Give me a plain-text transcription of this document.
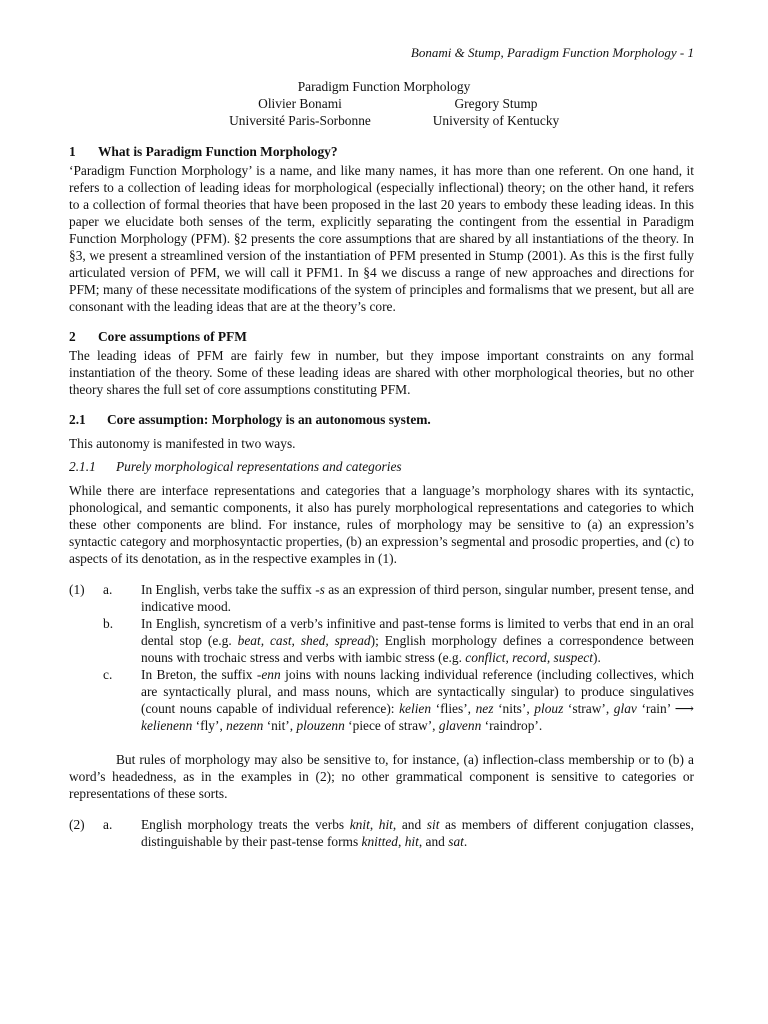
Bonami & Stump, Paradigm Function Morphology - 1
Paradigm Function Morphology
Olivier Bonami
Université Paris-Sorbonne
Gregory Stump
University of Kentucky
1 What is Paradigm Function Morphology?

‘Paradigm Function Morphology’ is a name, and like many names, it has more than one referent. On one hand, it refers to a collection of leading ideas for morphological (especially inflectional) theory; on the other hand, it refers to a collection of formal theories that have been proposed in the last 20 years to embody these leading ideas. In this paper we elucidate both senses of the term, explicitly separating the contingent from the essential in Paradigm Function Morphology (PFM). §2 presents the core assumptions that are shared by all instantiations of the theory. In §3, we present a streamlined version of the instantiation of PFM presented in Stump (2001). As this is the first fully articulated version of PFM, we will call it PFM1. In §4 we discuss a range of new approaches and directions for PFM; many of these necessitate modifications of the system of principles and formalisms that we present, but all are consonant with the leading ideas that are at the theory’s core.

2 Core assumptions of PFM

The leading ideas of PFM are fairly few in number, but they impose important constraints on any formal instantiation of the theory. Some of these leading ideas are shared with other morphological theories, but no other theory shares the full set of core assumptions constituting PFM.

2.1 Core assumption: Morphology is an autonomous system.

This autonomy is manifested in two ways.

2.1.1 Purely morphological representations and categories

While there are interface representations and categories that a language’s morphology shares with its syntactic, phonological, and semantic components, it also has purely morphological representations and categories to which these other components are blind. For instance, rules of morphology may be sensitive to (a) an expression’s syntactic category and morphosyntactic properties, (b) an expression’s segmental and prosodic properties, and (c) to aspects of its denotation, as in the respective examples in (1).

(1)	a.	In English, verbs take the suffix -s as an expression of third person, singular number, present tense, and indicative mood.
b.	In English, syncretism of a verb’s infinitive and past-tense forms is limited to verbs that end in an oral dental stop (e.g. beat, cast, shed, spread); English morphology defines a correspondence between nouns with trochaic stress and verbs with iambic stress (e.g. conflict, record, suspect).
c.	In Breton, the suffix -enn joins with nouns lacking individual reference (including collectives, which are syntactically plural, and mass nouns, which are syntactically singular) to produce singulatives (count nouns capable of individual reference): kelien ‘flies’, nez ‘nits’, plouz ‘straw’, glav ‘rain’ ⟶ kelienenn ‘fly’, nezenn ‘nit’, plouzenn ‘piece of straw’, glavenn ‘raindrop’.

But rules of morphology may also be sensitive to, for instance, (a) inflection-class membership or to (b) a word’s headedness, as in the examples in (2); no other grammatical component is sensitive to categories or representations of these sorts.

(2)	a.	English morphology treats the verbs knit, hit, and sit as members of different conjugation classes, distinguishable by their past-tense forms knitted, hit, and sat.
